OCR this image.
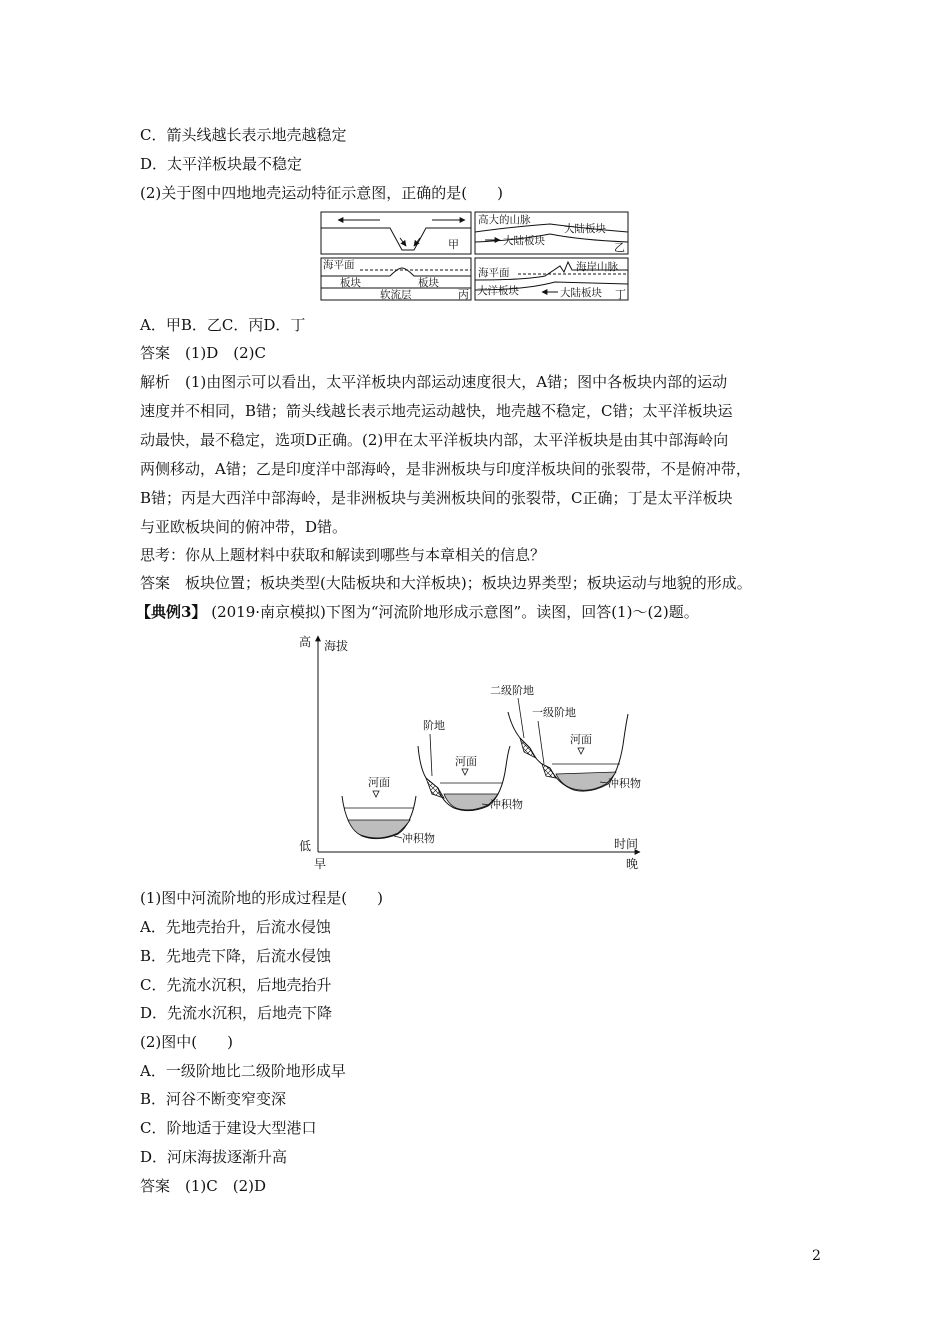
C．箭头线越长表示地壳越稳定
D．太平洋板块最不稳定
(2)关于图中四地地壳运动特征示意图，正确的是(　　)
甲
高大的山脉
大陆板块
大陆板块
乙
海平面
板块	板块
软流层	丙
海平面	海岸山脉
大洋板块	大陆板块 丁
A．甲B．乙C．丙D．丁
答案　(1)D　(2)C
解析　(1)由图示可以看出，太平洋板块内部运动速度很大，A错；图中各板块内部的运动
速度并不相同，B错；箭头线越长表示地壳运动越快，地壳越不稳定，C错；太平洋板块运
动最快，最不稳定，选项D正确。(2)甲在太平洋板块内部，太平洋板块是由其中部海岭向
两侧移动，A错；乙是印度洋中部海岭，是非洲板块与印度洋板块间的张裂带，不是俯冲带，
B错；丙是大西洋中部海岭，是非洲板块与美洲板块间的张裂带，C正确；丁是太平洋板块
与亚欧板块间的俯冲带，D错。
思考：你从上题材料中获取和解读到哪些与本章相关的信息？
答案　板块位置；板块类型(大陆板块和大洋板块)；板块边界类型；板块运动与地貌的形成。
【典例3】 (2019·南京模拟)下图为“河流阶地形成示意图”。读图，回答(1)～(2)题。
高 海拔
低	时间
早	晚
河面
冲积物
阶地
河面
冲积物
二级阶地
一级阶地
河面
冲积物
(1)图中河流阶地的形成过程是(　　)
A．先地壳抬升，后流水侵蚀
B．先地壳下降，后流水侵蚀
C．先流水沉积，后地壳抬升
D．先流水沉积，后地壳下降
(2)图中(　　)
A．一级阶地比二级阶地形成早
B．河谷不断变窄变深
C．阶地适于建设大型港口
D．河床海拔逐渐升高
答案　(1)C　(2)D
2
